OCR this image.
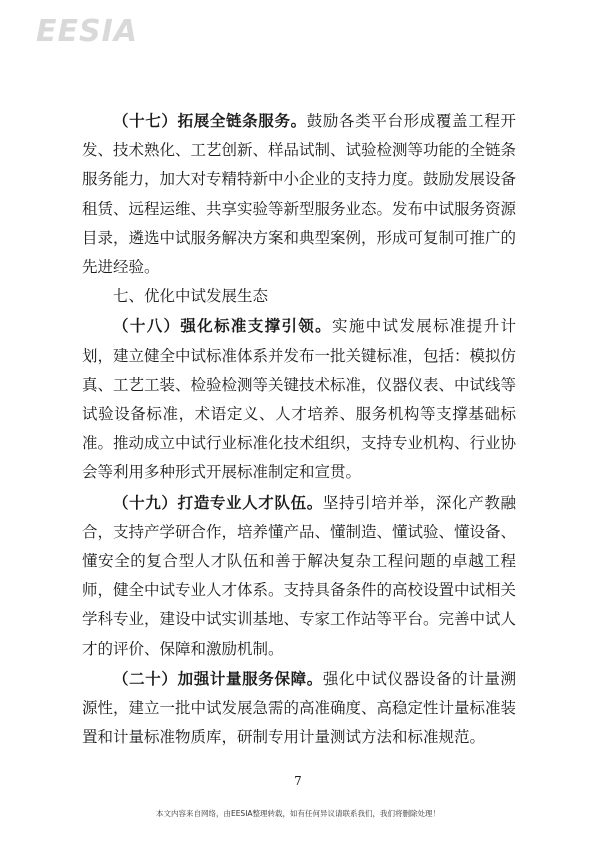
EESIA

（十七）拓展全链条服务。鼓励各类平台形成覆盖工程开发、技术熟化、工艺创新、样品试制、试验检测等功能的全链条服务能力，加大对专精特新中小企业的支持力度。鼓励发展设备租赁、远程运维、共享实验等新型服务业态。发布中试服务资源目录，遴选中试服务解决方案和典型案例，形成可复制可推广的先进经验。

七、优化中试发展生态

（十八）强化标准支撑引领。实施中试发展标准提升计划，建立健全中试标准体系并发布一批关键标准，包括：模拟仿真、工艺工装、检验检测等关键技术标准，仪器仪表、中试线等试验设备标准，术语定义、人才培养、服务机构等支撑基础标准。推动成立中试行业标准化技术组织，支持专业机构、行业协会等利用多种形式开展标准制定和宣贯。

（十九）打造专业人才队伍。坚持引培并举，深化产教融合，支持产学研合作，培养懂产品、懂制造、懂试验、懂设备、懂安全的复合型人才队伍和善于解决复杂工程问题的卓越工程师，健全中试专业人才体系。支持具备条件的高校设置中试相关学科专业，建设中试实训基地、专家工作站等平台。完善中试人才的评价、保障和激励机制。

（二十）加强计量服务保障。强化中试仪器设备的计量溯源性，建立一批中试发展急需的高准确度、高稳定性计量标准装置和计量标准物质库，研制专用计量测试方法和标准规范。

7
本文内容来自网络，由EESIA整理转载，如有任何异议请联系我们，我们将删除处理！
